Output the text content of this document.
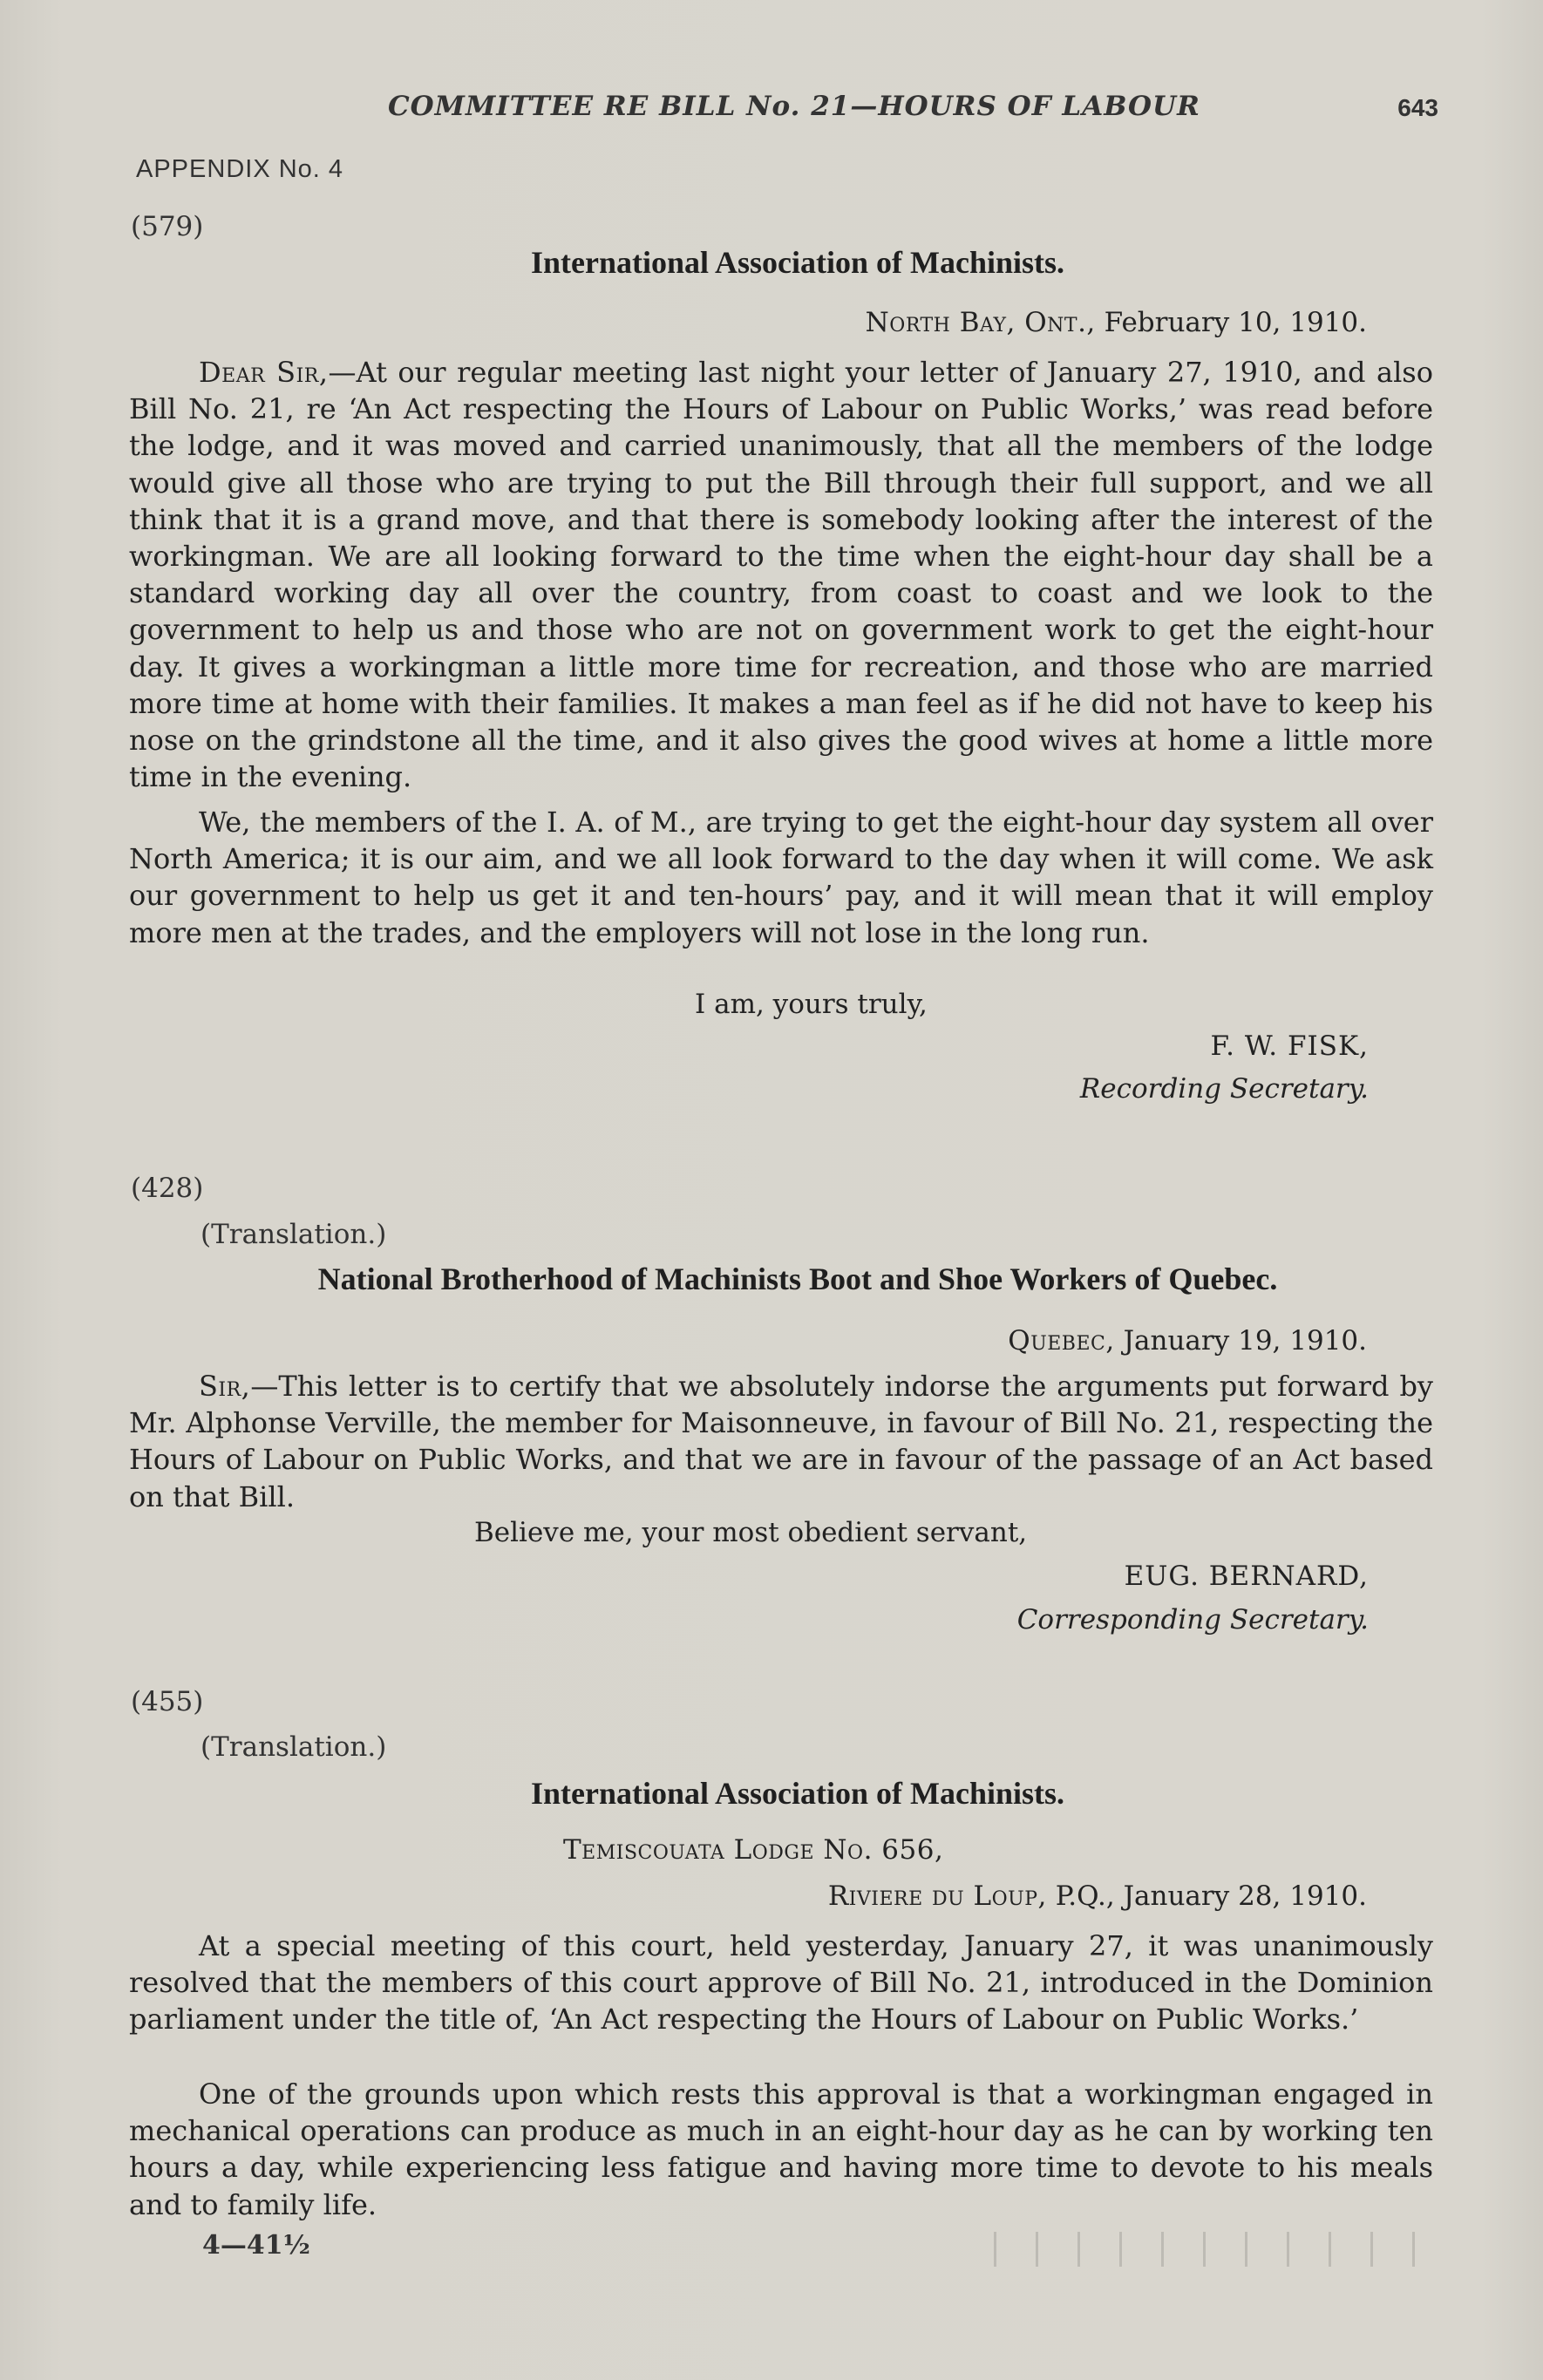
COMMITTEE RE BILL No. 21—HOURS OF LABOUR	643
APPENDIX No. 4
(579)
International Association of Machinists.
North Bay, Ont., February 10, 1910.
Dear Sir,—At our regular meeting last night your letter of January 27, 1910, and also Bill No. 21, re ‘An Act respecting the Hours of Labour on Public Works,’ was read before the lodge, and it was moved and carried unanimously, that all the members of the lodge would give all those who are trying to put the Bill through their full support, and we all think that it is a grand move, and that there is somebody looking after the interest of the workingman. We are all looking forward to the time when the eight-hour day shall be a standard working day all over the country, from coast to coast and we look to the government to help us and those who are not on government work to get the eight-hour day. It gives a workingman a little more time for recreation, and those who are married more time at home with their families. It makes a man feel as if he did not have to keep his nose on the grindstone all the time, and it also gives the good wives at home a little more time in the evening.
We, the members of the I. A. of M., are trying to get the eight-hour day system all over North America; it is our aim, and we all look forward to the day when it will come. We ask our government to help us get it and ten-hours’ pay, and it will mean that it will employ more men at the trades, and the employers will not lose in the long run.
I am, yours truly,
F. W. FISK,
Recording Secretary.
(428)
(Translation.)
National Brotherhood of Machinists Boot and Shoe Workers of Quebec.
Quebec, January 19, 1910.
Sir,—This letter is to certify that we absolutely indorse the arguments put forward by Mr. Alphonse Verville, the member for Maisonneuve, in favour of Bill No. 21, respecting the Hours of Labour on Public Works, and that we are in favour of the passage of an Act based on that Bill.
Believe me, your most obedient servant,
EUG. BERNARD,
Corresponding Secretary.
(455)
(Translation.)
International Association of Machinists.
Temiscouata Lodge No. 656,
Riviere du Loup, P.Q., January 28, 1910.
At a special meeting of this court, held yesterday, January 27, it was unanimously resolved that the members of this court approve of Bill No. 21, introduced in the Dominion parliament under the title of, ‘An Act respecting the Hours of Labour on Public Works.’
One of the grounds upon which rests this approval is that a workingman engaged in mechanical operations can produce as much in an eight-hour day as he can by working ten hours a day, while experiencing less fatigue and having more time to devote to his meals and to family life.
4—41½
